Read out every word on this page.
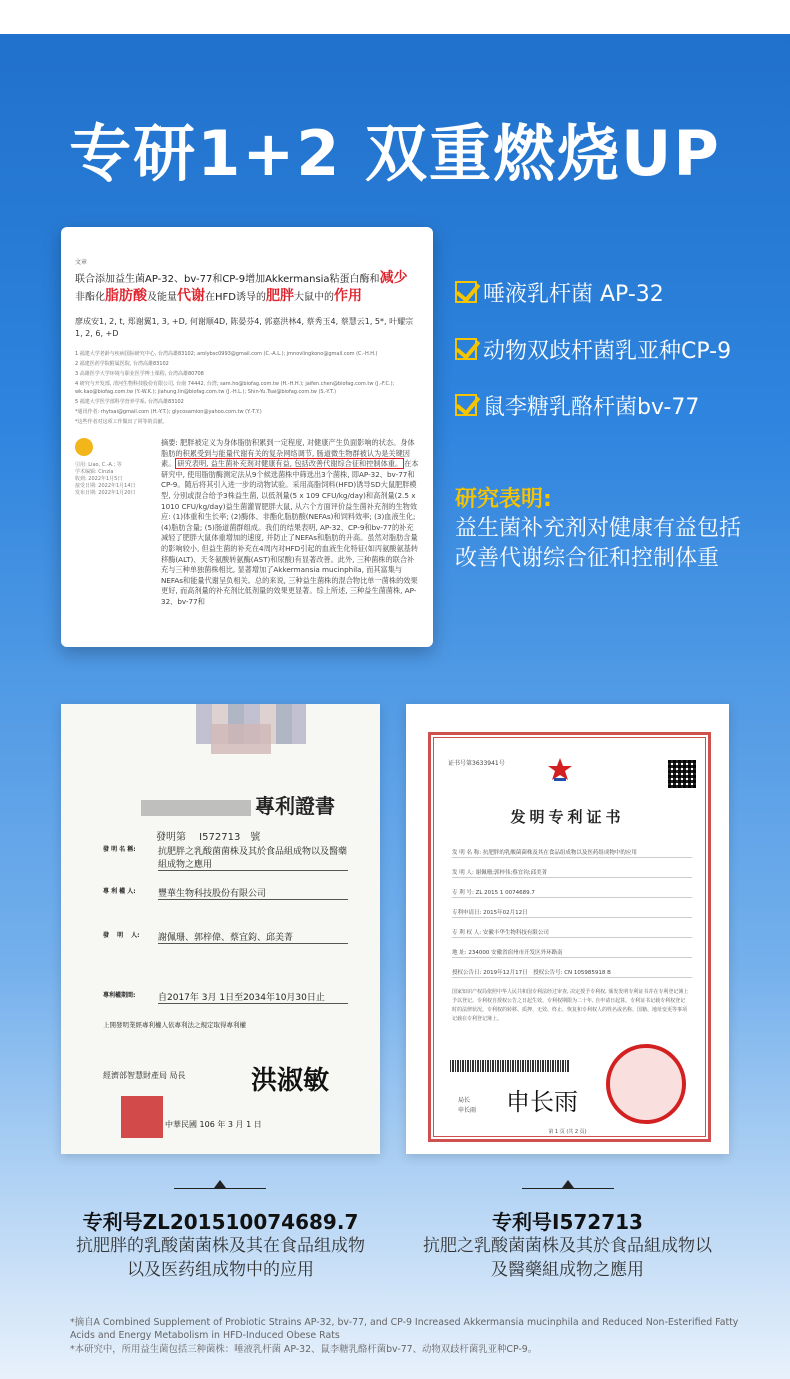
专研1+2 双重燃烧UP
文章
联合添加益生菌AP-32、bv-77和CP-9增加Akkermansia粘蛋白酶和减少
非酯化脂肪酸及能量代谢在HFD诱导的肥胖大鼠中的作用
廖成安1, 2, t, 郑谢翼1, 3, +D, 何谢顺4D, 陈晏芬4, 郭嘉洪林4, 蔡秀玉4, 蔡慧云1, 5*, 叶耀宗1, 2, 6, +D
1 福建大学老龄与疾病国际研究中心, 台湾高雄83102; arolybsc0993@gmail.com (C.-A.L.); jmnovlingkono@gmail.com (C.-H.H.)
2 福建医药学院附属医院, 台湾高雄83102
3 高雄医学大学环境与职业医学博士课程, 台湾高雄80708
4 研究与开发部, 清河生物科技股份有限公司, 台南 74442, 台湾; sam.ho@biofag.com.tw (H.-H.H.); jaifen.chen@biofag.com.tw (J.-F.C.); wk.kao@biofag.com.tw (Y.-W.K.); jiahung.lin@biofag.com.tw (J.-H.L.); Shin-Yu.Tsai@biofag.com.tw (S.-Y.T.)
5 福建大学医学部科学营养学系, 台湾高雄83102
*通讯作者: rhytsai@gmail.com (H.-Y.T.); glycosamion@yahoo.com.tw (Y.-T.Y.)
*这些作者对这项工作做出了同等的贡献。
引用: Liao, C.-A.; 等
学术编辑: Cinzia
收到: 2022年1月5日
接受日期: 2022年1月14日
发布日期: 2022年1月20日
摘要: 肥胖被定义为身体脂肪积累到一定程度, 对健康产生负面影响的状态。身体脂肪的积累受到与能量代谢有关的复杂网络调节, 肠道微生物群被认为是关键因素。 研究表明, 益生菌补充剂对健康有益, 包括改善代谢综合征和控制体重。 在本研究中, 使用脂肪酶测定法从9个候选菌株中筛选出3个菌株, 即AP-32、bv-77和CP-9。随后将其引入进一步的动物试验。采用高脂饲料(HFD)诱导SD大鼠肥胖模型, 分别或混合给予3株益生菌, 以低剂量(5 x 109 CFU/kg/day)和高剂量(2.5 x 1010 CFU/kg/day)益生菌灌胃肥胖大鼠, 从六个方面评价益生菌补充剂的生物效应: (1)体重和生长率; (2)酶体、非酯化脂肪酸(NEFAs)和饲料效率; (3)血液生化; (4)脂肪含量; (5)肠道菌群组成。我们的结果表明, AP-32、CP-9和bv-77的补充减轻了肥胖大鼠体重增加的速度, 并防止了NEFAs和脂肪的升高。虽然对脂肪含量的影响较小, 但益生菌的补充在4周内对HFD引起的血液生化特征(如丙氨酸氨基转移酶(ALT)、天冬氨酸转氨酶(AST)和尿酸)有显著改善。此外, 三种菌株的联合补充与三种单独菌株相比, 显著增加了Akkermansia mucinphila, 而其富集与NEFAs和能量代谢呈负相关。总的来说, 三种益生菌株的混合物比单一菌株的效果更好, 而高剂量的补充剂比低剂量的效果更显著。综上所述, 三种益生菌菌株, AP-32、bv-77和
唾液乳杆菌 AP-32
动物双歧杆菌乳亚种CP-9
鼠李糖乳酪杆菌bv-77
研究表明:
益生菌补充剂对健康有益包括改善代谢综合征和控制体重
專利證書
發明第　 I572713　號
發 明 名 稱: 抗肥胖之乳酸菌菌株及其於食品組成物以及醫藥組成物之應用
專 利 權 人: 豐華生物科技股份有限公司
發　 明　 人: 謝佩珊、郭梓偉、蔡宜鈞、邱美菁
專利權期間:	自2017年 3月 1日至2034年10月30日止
上開發明業經專利權人依專利法之規定取得專利權
經濟部智慧財產局 局長	洪淑敏
中華民國 106 年 3 月 1 日
证书号第3633941号
发明专利证书
发 明 名 称: 抗肥胖的乳酸菌菌株及其在食品组成物以及医药组成物中的应用
发 明 人: 谢佩珊;郭梓伟;蔡宜钧;邱美菁
专 利 号: ZL 2015 1 0074689.7
专利申请日: 2015年02月12日
专 利 权 人: 安徽丰华生物科技有限公司
地 址: 234000 安徽省宿州市开发区外环路南
授权公告日: 2019年12月17日　授权公告号: CN 105985918 B
国家知识产权局依照中华人民共和国专利法经过审查, 决定授予专利权, 颁发发明专利证书并在专利登记簿上予以登记。专利权自授权公告之日起生效。专利权期限为二十年, 自申请日起算。专利证书记载专利权登记时的法律状况。专利权的转移、质押、无效、终止、恢复和专利权人的姓名或名称、国籍、地址变更等事项记载在专利登记簿上。
局长
申长雨 申长雨
第 1 页 (共 2 页)
专利号ZL201510074689.7
抗肥胖的乳酸菌菌株及其在食品组成物以及医药组成物中的应用
专利号I572713
抗肥之乳酸菌菌株及其於食品組成物以及醫藥組成物之應用
*摘自A Combined Supplement of Probiotic Strains AP-32, bv-77, and CP-9 Increased Akkermansia mucinphila and Reduced Non-Esterified Fatty Acids and Energy Metabolism in HFD-Induced Obese Rats
*本研究中，所用益生菌包括三种菌株：唾液乳杆菌 AP-32、鼠李糖乳酪杆菌bv-77、动物双歧杆菌乳亚种CP-9。
